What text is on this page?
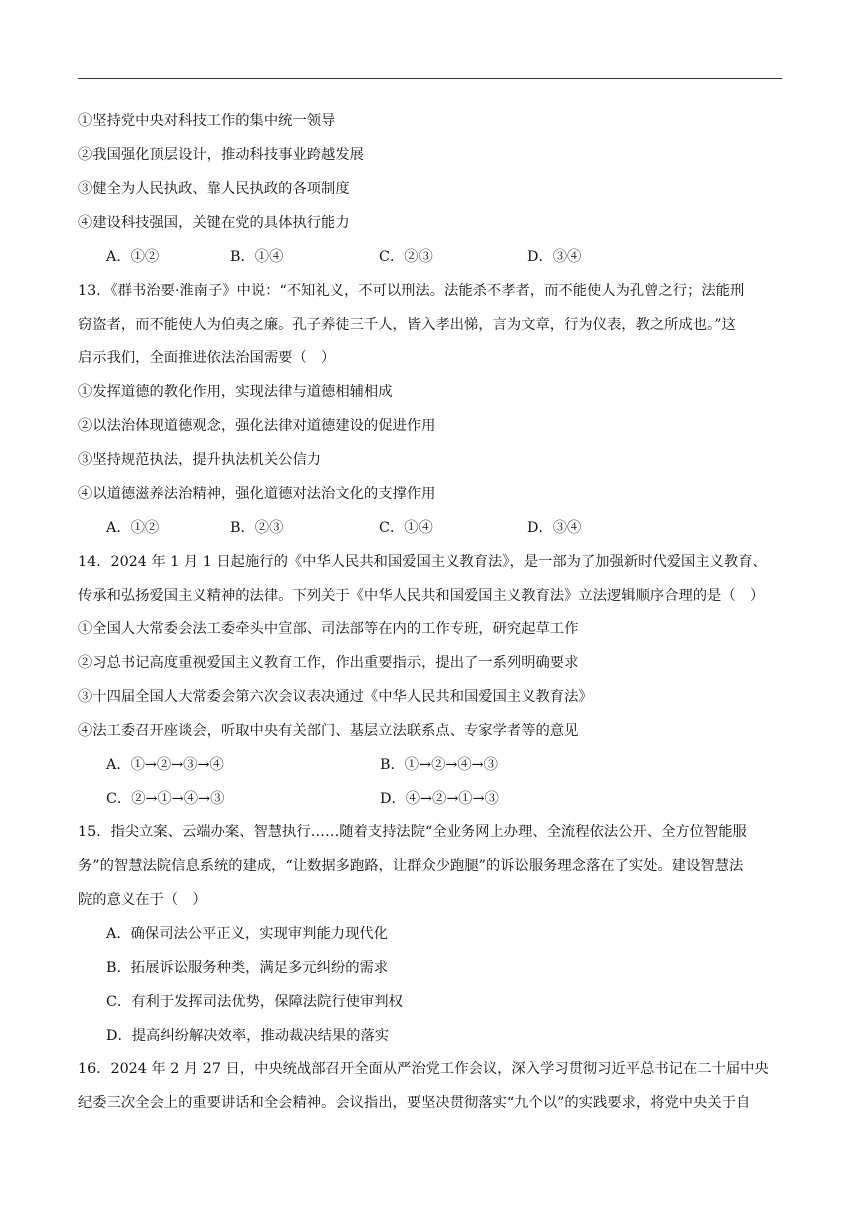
①坚持党中央对科技工作的集中统一领导
②我国强化顶层设计，推动科技事业跨越发展
③健全为人民执政、靠人民执政的各项制度
④建设科技强国，关键在党的具体执行能力
A．①②	B．①④	C．②③	D．③④
13．《群书治要·淮南子》中说：“不知礼义，不可以刑法。法能杀不孝者，而不能使人为孔曾之行；法能刑
窃盗者，而不能使人为伯夷之廉。孔子养徒三千人，皆入孝出悌，言为文章，行为仪表，教之所成也。”这
启示我们，全面推进依法治国需要（　）
①发挥道德的教化作用，实现法律与道德相辅相成
②以法治体现道德观念，强化法律对道德建设的促进作用
③坚持规范执法，提升执法机关公信力
④以道德滋养法治精神，强化道德对法治文化的支撑作用
A．①②	B．②③	C．①④	D．③④
14．2024 年 1 月 1 日起施行的《中华人民共和国爱国主义教育法》，是一部为了加强新时代爱国主义教育、
传承和弘扬爱国主义精神的法律。下列关于《中华人民共和国爱国主义教育法》立法逻辑顺序合理的是（　）
①全国人大常委会法工委牵头中宣部、司法部等在内的工作专班，研究起草工作
②习总书记高度重视爱国主义教育工作，作出重要指示，提出了一系列明确要求
③十四届全国人大常委会第六次会议表决通过《中华人民共和国爱国主义教育法》
④法工委召开座谈会，听取中央有关部门、基层立法联系点、专家学者等的意见
A．①→②→③→④	B．①→②→④→③
C．②→①→④→③	D．④→②→①→③
15．指尖立案、云端办案、智慧执行……随着支持法院“全业务网上办理、全流程依法公开、全方位智能服
务”的智慧法院信息系统的建成，“让数据多跑路，让群众少跑腿”的诉讼服务理念落在了实处。建设智慧法
院的意义在于（　）
A．确保司法公平正义，实现审判能力现代化
B．拓展诉讼服务种类，满足多元纠纷的需求
C．有利于发挥司法优势，保障法院行使审判权
D．提高纠纷解决效率，推动裁决结果的落实
16．2024 年 2 月 27 日，中央统战部召开全面从严治党工作会议，深入学习贯彻习近平总书记在二十届中央
纪委三次全会上的重要讲话和全会精神。会议指出，要坚决贯彻落实“九个以”的实践要求，将党中央关于自
